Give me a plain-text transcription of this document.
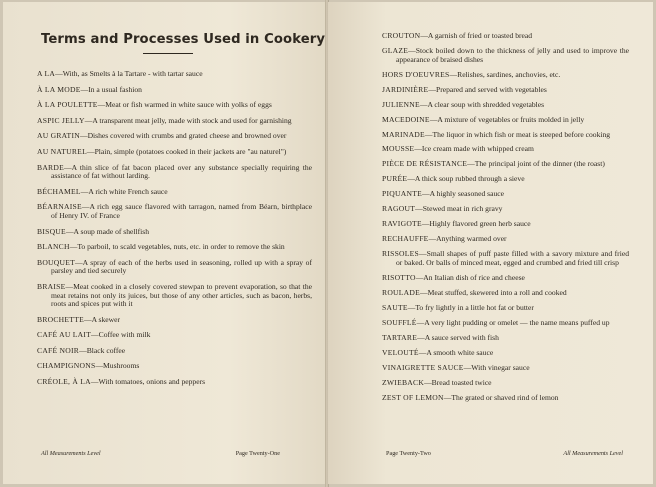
Terms and Processes Used in Cookery
A LA—With, as Smelts à la Tartare - with tartar sauce
À LA MODE—In a usual fashion
À LA POULETTE—Meat or fish warmed in white sauce with yolks of eggs
ASPIC JELLY—A transparent meat jelly, made with stock and used for garnishing
AU GRATIN—Dishes covered with crumbs and grated cheese and browned over
AU NATUREL—Plain, simple (potatoes cooked in their jackets are "au naturel")
BARDE—A thin slice of fat bacon placed over any substance specially requiring the assistance of fat without larding.
BÉCHAMEL—A rich white French sauce
BÉARNAISE—A rich egg sauce flavored with tarragon, named from Béarn, birthplace of Henry IV. of France
BISQUE—A soup made of shellfish
BLANCH—To parboil, to scald vegetables, nuts, etc. in order to remove the skin
BOUQUET—A spray of each of the herbs used in seasoning, rolled up with a spray of parsley and tied securely
BRAISE—Meat cooked in a closely covered stewpan to prevent evaporation, so that the meat retains not only its juices, but those of any other articles, such as bacon, herbs, roots and spices put with it
BROCHETTE—A skewer
CAFÉ AU LAIT—Coffee with milk
CAFÉ NOIR—Black coffee
CHAMPIGNONS—Mushrooms
CRÉOLE, À LA—With tomatoes, onions and peppers
All Measurements Level	Page Twenty-One
CROUTON—A garnish of fried or toasted bread
GLAZE—Stock boiled down to the thickness of jelly and used to improve the appearance of braised dishes
HORS D'OEUVRES—Relishes, sardines, anchovies, etc.
JARDINIÈRE—Prepared and served with vegetables
JULIENNE—A clear soup with shredded vegetables
MACEDOINE—A mixture of vegetables or fruits molded in jelly
MARINADE—The liquor in which fish or meat is steeped before cooking
MOUSSE—Ice cream made with whipped cream
PIÈCE DE RÉSISTANCE—The principal joint of the dinner (the roast)
PURÉE—A thick soup rubbed through a sieve
PIQUANTE—A highly seasoned sauce
RAGOUT—Stewed meat in rich gravy
RAVIGOTE—Highly flavored green herb sauce
RECHAUFFE—Anything warmed over
RISSOLES—Small shapes of puff paste filled with a savory mixture and fried or baked. Or balls of minced meat, egged and crumbed and fried till crisp
RISOTTO—An Italian dish of rice and cheese
ROULADE—Meat stuffed, skewered into a roll and cooked
SAUTE—To fry lightly in a little hot fat or butter
SOUFFLÉ—A very light pudding or omelet — the name means puffed up
TARTARE—A sauce served with fish
VELOUTÉ—A smooth white sauce
VINAIGRETTE SAUCE—With vinegar sauce
ZWIEBACK—Bread toasted twice
ZEST OF LEMON—The grated or shaved rind of lemon
Page Twenty-Two	All Measurements Level
